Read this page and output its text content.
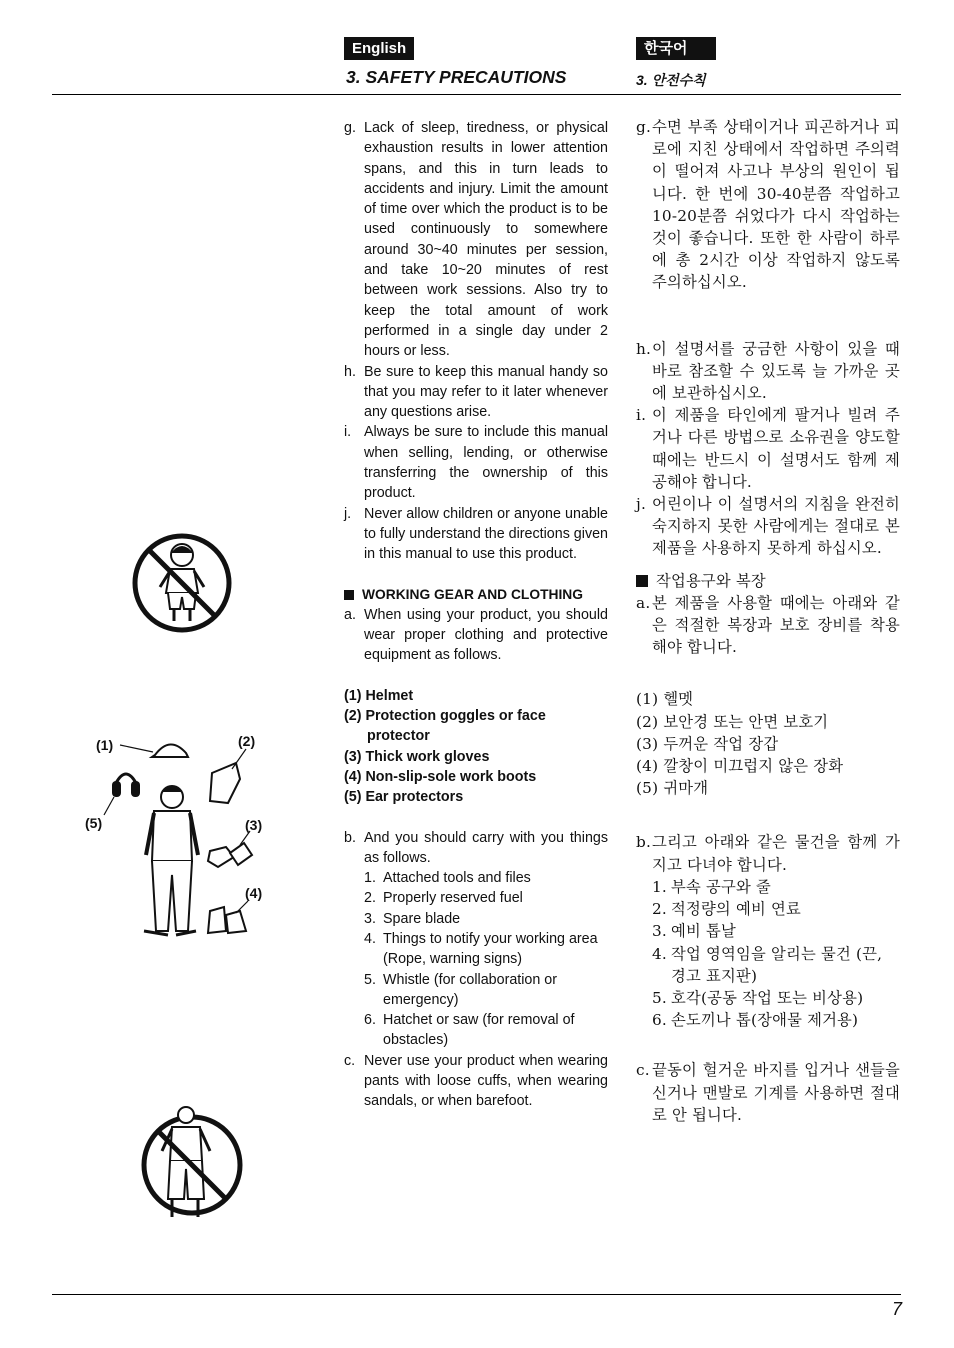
English	한국어
3. SAFETY PRECAUTIONS	3. 안전수칙
(1)	(2)
(3)
(4)
(5)
g. Lack of sleep, tiredness, or physical exhaustion results in lower attention spans, and this in turn leads to accidents and injury. Limit the amount of time over which the product is to be used continuously to somewhere around 30~40 minutes per session, and take 10~20 minutes of rest between work sessions. Also try to keep the total amount of work performed in a single day under 2 hours or less.
h. Be sure to keep this manual handy so that you may refer to it later whenever any questions arise.
i. Always be sure to include this manual when selling, lending, or otherwise transferring the ownership of this product.
j. Never allow children or anyone unable to fully understand the directions given in this manual to use this product.
WORKING GEAR AND CLOTHING
a. When using your product, you should wear proper clothing and protective equipment as follows.
(1) Helmet
(2) Protection goggles or face
protector
(3) Thick work gloves
(4) Non-slip-sole work boots
(5) Ear protectors
b. And you should carry with you things as follows.
1. Attached tools and files
2. Properly reserved fuel
3. Spare blade
4. Things to notify your working area (Rope, warning signs)
5. Whistle (for collaboration or emergency)
6. Hatchet or saw (for removal of obstacles)
c. Never use your product when wearing pants with loose cuffs, when wearing sandals, or when barefoot.
g. 수면 부족 상태이거나 피곤하거나 피로에 지친 상태에서 작업하면 주의력이 떨어져 사고나 부상의 원인이 됩니다. 한 번에 30-40분쯤 작업하고 10-20분쯤 쉬었다가 다시 작업하는 것이 좋습니다. 또한 한 사람이 하루에 총 2시간 이상 작업하지 않도록 주의하십시오.
h. 이 설명서를 궁금한 사항이 있을 때 바로 참조할 수 있도록 늘 가까운 곳에 보관하십시오.
i. 이 제품을 타인에게 팔거나 빌려 주거나 다른 방법으로 소유권을 양도할 때에는 반드시 이 설명서도 함께 제공해야 합니다.
j. 어린이나 이 설명서의 지침을 완전히 숙지하지 못한 사람에게는 절대로 본 제품을 사용하지 못하게 하십시오.
작업용구와 복장
a. 본 제품을 사용할 때에는 아래와 같은 적절한 복장과 보호 장비를 착용해야 합니다.
(1) 헬멧
(2) 보안경 또는 안면 보호기
(3) 두꺼운 작업 장갑
(4) 깔창이 미끄럽지 않은 장화
(5) 귀마개
b. 그리고 아래와 같은 물건을 함께 가지고 다녀야 합니다.
1. 부속 공구와 줄
2. 적정량의 예비 연료
3. 예비 톱날
4. 작업 영역임을 알리는 물건 (끈, 경고 표지판)
5. 호각(공동 작업 또는 비상용)
6. 손도끼나 톱(장애물 제거용)
c. 끝동이 헐거운 바지를 입거나 샌들을 신거나 맨발로 기계를 사용하면 절대로 안 됩니다.
7
